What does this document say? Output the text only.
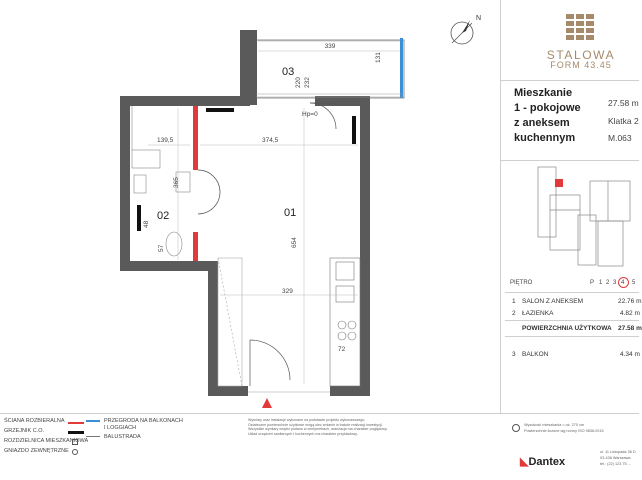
N
339
220 232
131
Hp=0
139,5	374,5
365
654
329
48
57
72
03
02	01
STALOWA
FORM 43.45
Mieszkanie
1 - pokojowe
z aneksem
kuchennym
27.58 m
Klatka 2
M.063
PIĘTRO	P 1 2 3 4 5
1 SALON Z ANEKSEM	22.76 m
2 ŁAZIENKA	4.82 m
POWIERZCHNIA UŻYTKOWA 27.58 m
3 BALKON	4.34 m
ŚCIANA ROZBIERALNA
GRZEJNIK C.O.
ROZDZIELNICA MIESZKANIOWA
GNIAZDO ZEWNĘTRZNE
PRZEGRODA NA BALKONACH
I LOGGIACH
BALUSTRADA
Wymiary oraz instalacje wykonane na podstawie projektu wykonawczego.
Ostateczne powierzchnie użytkowe mogą ulec zmianie w trakcie realizacji inwestycji.
Wszystkie wymiary wnętrz podano w centymetrach, aranżacja ma charakter poglądowy.
Układ urządzeń sanitarnych i kuchennych ma charakter przykładowy.
Wysokość mieszkania ≈ ok. 270 cm
Powierzchnie liczone wg normy ISO 9836:2015
◣Dantex
ul. 11 Listopada 36 D
03-436 Warszawa
tel.: (22) 123 75 ...
